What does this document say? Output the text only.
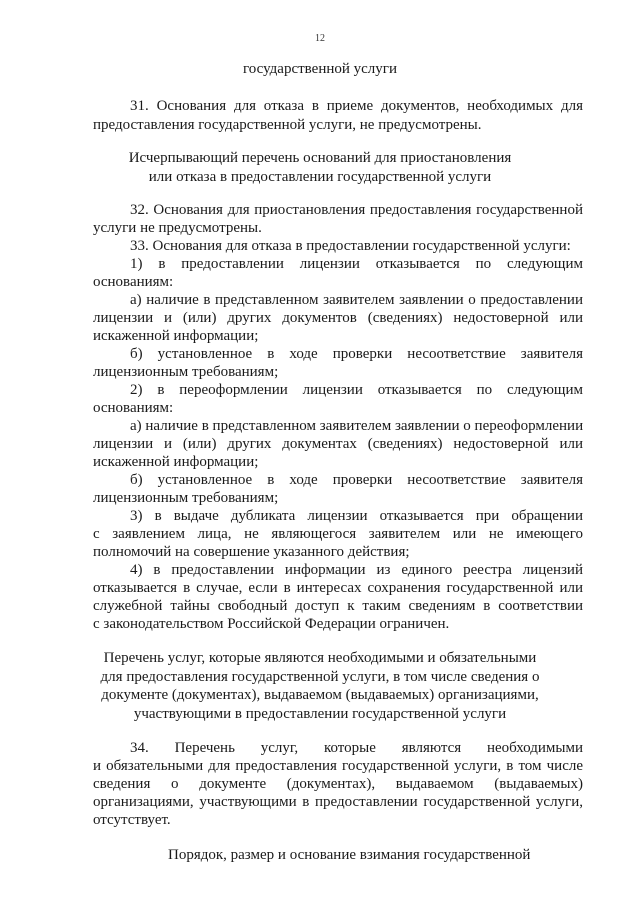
12
государственной услуги
31. Основания для отказа в приеме документов, необходимых для
предоставления государственной услуги, не предусмотрены.
Исчерпывающий перечень оснований для приостановления
или отказа в предоставлении государственной услуги
32. Основания для приостановления предоставления государственной
услуги не предусмотрены.
33. Основания для отказа в предоставлении государственной услуги:
1) в предоставлении лицензии отказывается по следующим
основаниям:
а) наличие в представленном заявителем заявлении о предоставлении
лицензии и (или) других документов (сведениях) недостоверной или
искаженной информации;
б) установленное в ходе проверки несоответствие заявителя
лицензионным требованиям;
2) в переоформлении лицензии отказывается по следующим
основаниям:
а) наличие в представленном заявителем заявлении о переоформлении
лицензии и (или) других документах (сведениях) недостоверной или
искаженной информации;
б) установленное в ходе проверки несоответствие заявителя
лицензионным требованиям;
3) в выдаче дубликата лицензии отказывается при обращении
с заявлением лица, не являющегося заявителем или не имеющего
полномочий на совершение указанного действия;
4) в предоставлении информации из единого реестра лицензий
отказывается в случае, если в интересах сохранения государственной или
служебной тайны свободный доступ к таким сведениям в соответствии
с законодательством Российской Федерации ограничен.
Перечень услуг, которые являются необходимыми и обязательными
для предоставления государственной услуги, в том числе сведения о
документе (документах), выдаваемом (выдаваемых) организациями,
участвующими в предоставлении государственной услуги
34. Перечень услуг, которые являются необходимыми
и обязательными для предоставления государственной услуги, в том числе
сведения о документе (документах), выдаваемом (выдаваемых)
организациями, участвующими в предоставлении государственной услуги,
отсутствует.
Порядок, размер и основание взимания государственной
